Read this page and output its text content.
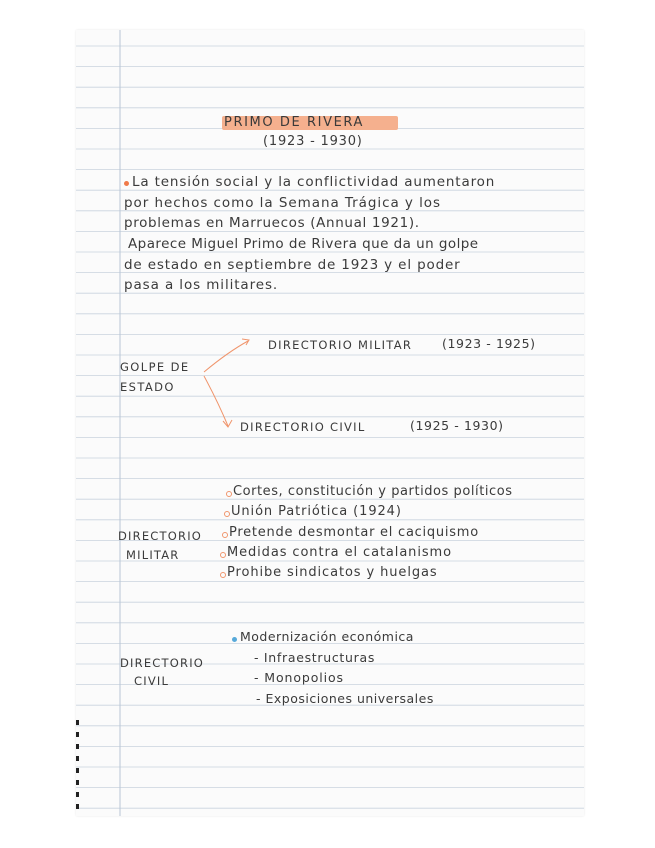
PRIMO DE RIVERA
(1923 - 1930)
La tensión social y la conflictividad aumentaron
por hechos como la Semana Trágica y los
problemas en Marruecos (Annual 1921).
Aparece Miguel Primo de Rivera que da un golpe
de estado en septiembre de 1923 y el poder
pasa a los militares.
GOLPE DE
ESTADO
DIRECTORIO MILITAR (1923 - 1925)
DIRECTORIO CIVIL	(1925 - 1930)
DIRECTORIO
MILITAR
Cortes, constitución y partidos políticos
Unión Patriótica (1924)
Pretende desmontar el caciquismo
Medidas contra el catalanismo
Prohibe sindicatos y huelgas
DIRECTORIO
CIVIL
Modernización económica
- Infraestructuras
- Monopolios
- Exposiciones universales
